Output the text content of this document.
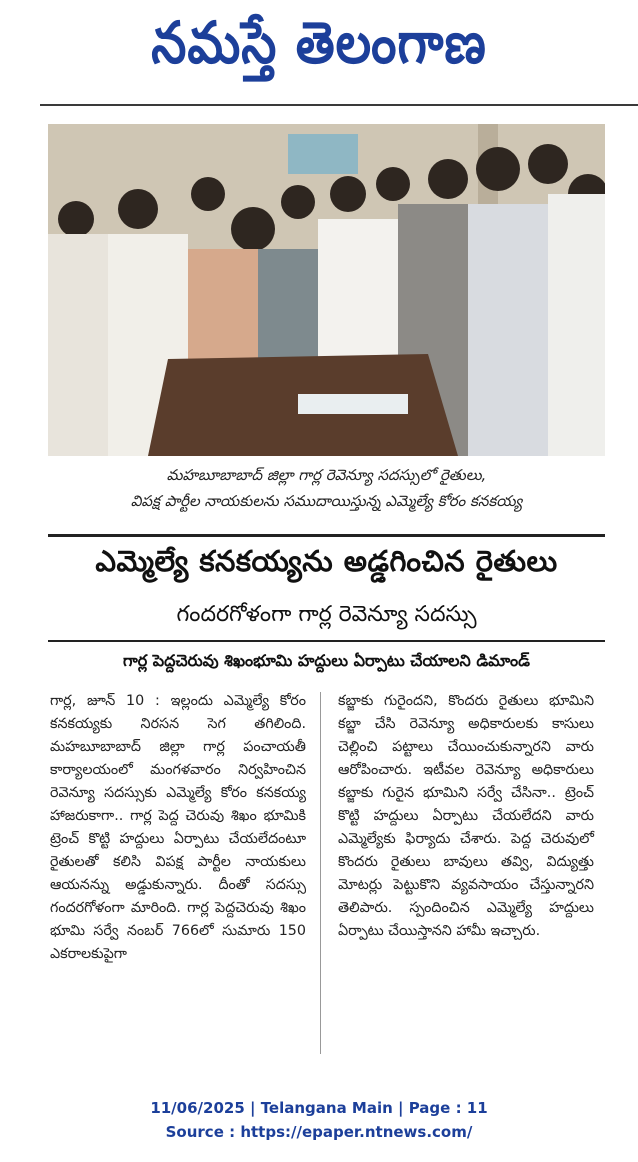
నమస్తే తెలంగాణ
మహబూబాబాద్ జిల్లా గార్ల రెవెన్యూ సదస్సులో రైతులు,
విపక్ష పార్టీల నాయకులను సముదాయిస్తున్న ఎమ్మెల్యే కోరం కనకయ్య
ఎమ్మెల్యే కనకయ్యను అడ్డగించిన రైతులు
గందరగోళంగా గార్ల రెవెన్యూ సదస్సు
గార్ల పెద్దచెరువు శిఖంభూమి హద్దులు ఏర్పాటు చేయాలని డిమాండ్

గార్ల, జూన్ 10 : ఇల్లందు ఎమ్మెల్యే కోరం కనకయ్యకు నిరసన సెగ తగిలింది. మహబూబాబాద్ జిల్లా గార్ల పంచాయతీ కార్యాలయంలో మంగళవారం నిర్వహించిన రెవెన్యూ సదస్సుకు ఎమ్మెల్యే కోరం కనకయ్య హాజరుకాగా.. గార్ల పెద్ద చెరువు శిఖం భూమికి ట్రెంచ్ కొట్టి హద్దులు ఏర్పాటు చేయలేదంటూ రైతులతో కలిసి విపక్ష పార్టీల నాయకులు ఆయనన్ను అడ్డుకున్నారు. దీంతో సదస్సు గందరగోళంగా మారింది. గార్ల పెద్దచెరువు శిఖం భూమి సర్వే నంబర్ 766లో సుమారు 150 ఎకరాలకుపైగా

కబ్జాకు గురైందని, కొందరు రైతులు భూమిని కబ్జా చేసి రెవెన్యూ అధికారులకు కాసులు చెల్లించి పట్టాలు చేయించుకున్నారని వారు ఆరోపించారు. ఇటీవల రెవెన్యూ అధికారులు కబ్జాకు గురైన భూమిని సర్వే చేసినా.. ట్రెంచ్ కొట్టి హద్దులు ఏర్పాటు చేయలేదని వారు ఎమ్మెల్యేకు ఫిర్యాదు చేశారు. పెద్ద చెరువులో కొందరు రైతులు బావులు తవ్వి, విద్యుత్తు మోటర్లు పెట్టుకొని వ్యవసాయం చేస్తున్నారని తెలిపారు. స్పందించిన ఎమ్మెల్యే హద్దులు ఏర్పాటు చేయిస్తానని హామీ ఇచ్చారు.

11/06/2025 | Telangana Main | Page : 11
Source : https://epaper.ntnews.com/
